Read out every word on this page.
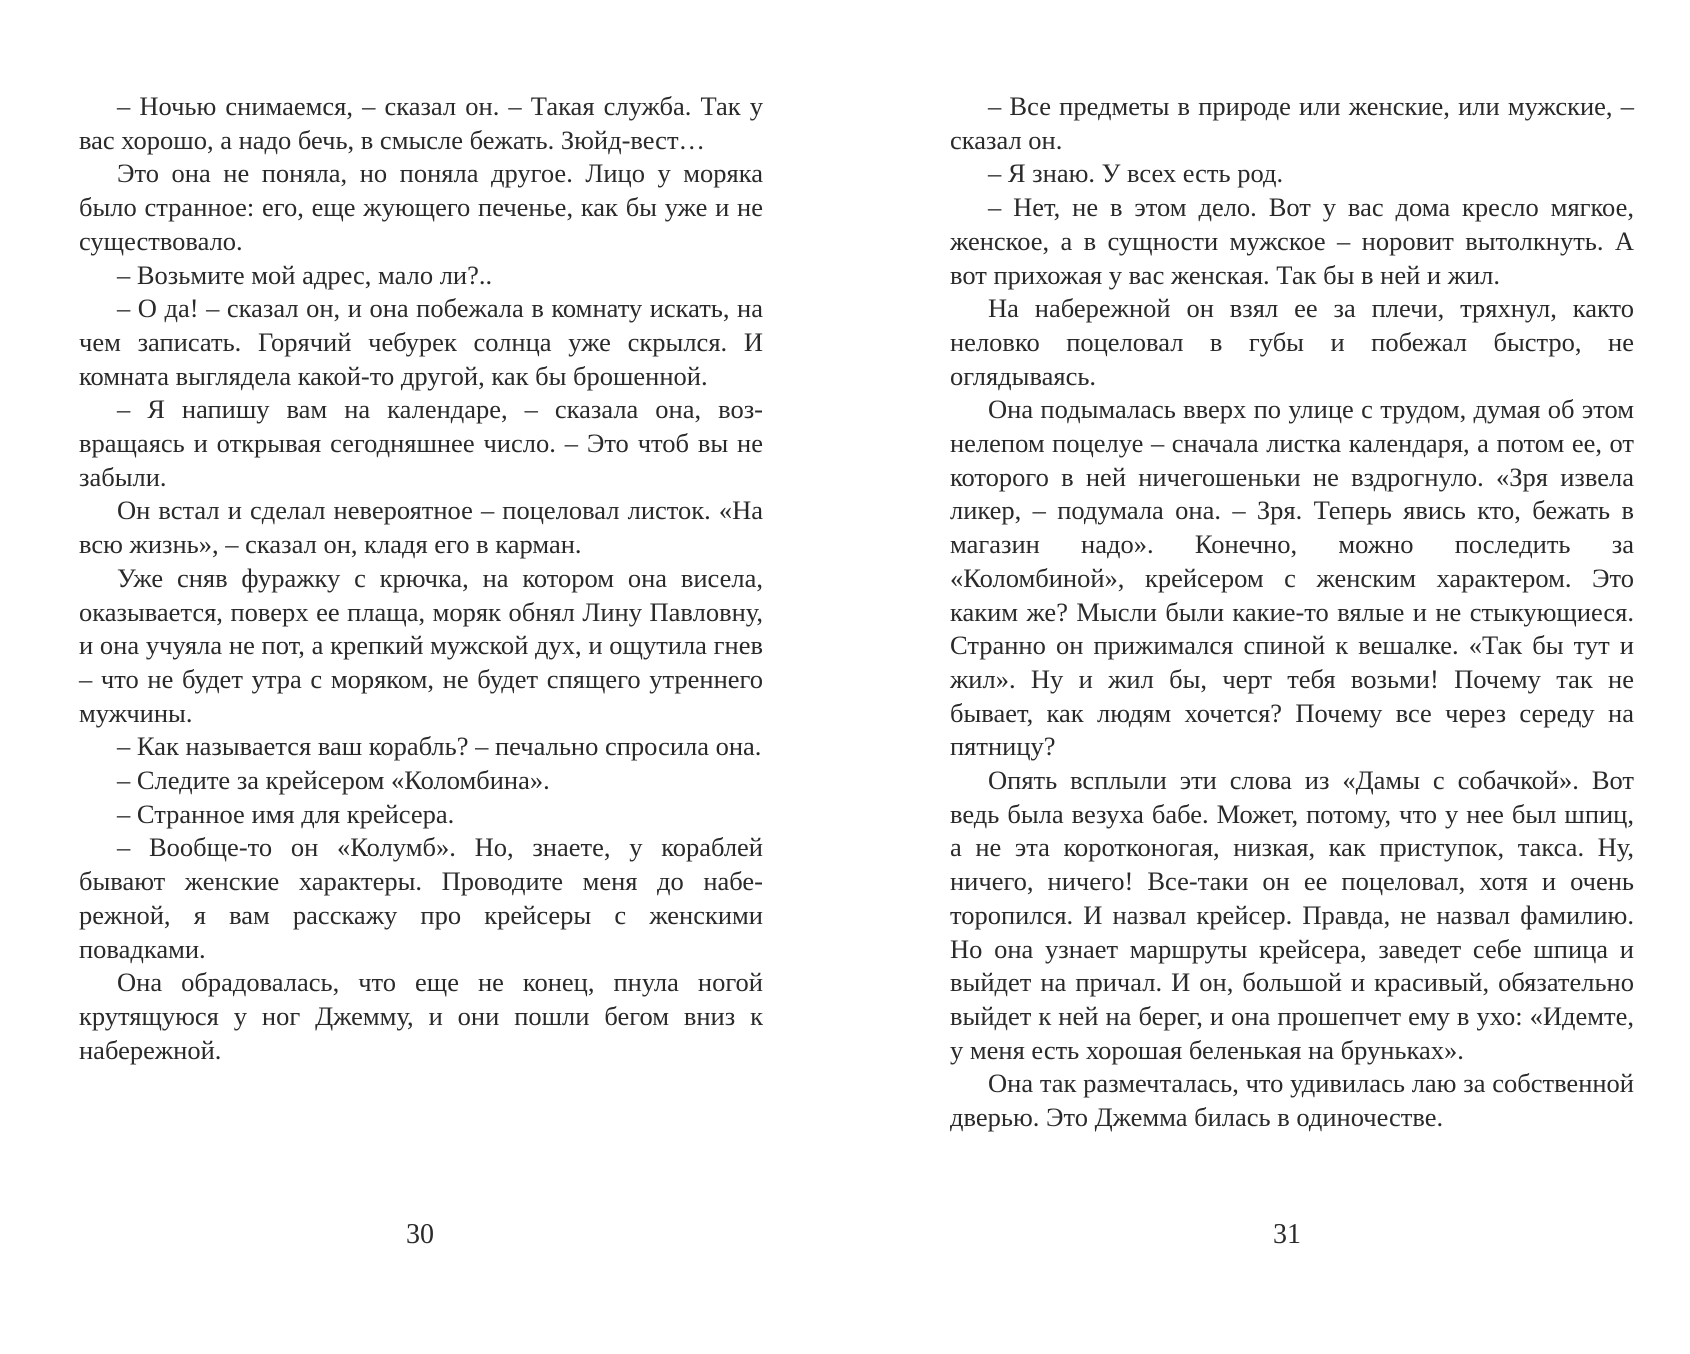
– Ночью снимаемся, – сказал он. – Такая служба. Так у вас хорошо, а надо бечь, в смысле бежать. Зюйд-вест…

Это она не поняла, но поняла другое. Лицо у моряка было странное: его, еще жующего печенье, как бы уже и не существовало.

– Возьмите мой адрес, мало ли?..

– О да! – сказал он, и она побежала в комнату искать, на чем записать. Горячий чебурек солнца уже скрылся. И комната выглядела какой-то другой, как бы брошенной.

– Я напишу вам на календаре, – сказала она, возвращаясь и открывая сегодняшнее число. – Это чтоб вы не забыли.

Он встал и сделал невероятное – поцеловал листок. «На всю жизнь», – сказал он, кладя его в карман.

Уже сняв фуражку с крючка, на котором она висела, оказывается, поверх ее плаща, моряк обнял Лину Павловну, и она учуяла не пот, а крепкий мужской дух, и ощутила гнев – что не будет утра с моряком, не будет спящего утреннего мужчины.

– Как называется ваш корабль? – печально спросила она.

– Следите за крейсером «Коломбина».

– Странное имя для крейсера.

– Вообще-то он «Колумб». Но, знаете, у кораблей бывают женские характеры. Проводите меня до набережной, я вам расскажу про крейсеры с женскими повадками.

Она обрадовалась, что еще не конец, пнула ногой крутящуюся у ног Джемму, и они пошли бегом вниз к набережной.

30

– Все предметы в природе или женские, или мужские, – сказал он.

– Я знаю. У всех есть род.

– Нет, не в этом дело. Вот у вас дома кресло мягкое, женское, а в сущности мужское – норовит вытолкнуть. А вот прихожая у вас женская. Так бы в ней и жил.

На набережной он взял ее за плечи, тряхнул, както неловко поцеловал в губы и побежал быстро, не оглядываясь.

Она подымалась вверх по улице с трудом, думая об этом нелепом поцелуе – сначала листка календаря, а потом ее, от которого в ней ничегошеньки не вздрогнуло. «Зря извела ликер, – подумала она. – Зря. Теперь явись кто, бежать в магазин надо». Конечно, можно последить за «Коломбиной», крейсером с женским характером. Это каким же? Мысли были какие-то вялые и не стыкующиеся. Странно он прижимался спиной к вешалке. «Так бы тут и жил». Ну и жил бы, черт тебя возьми! Почему так не бывает, как людям хочется? Почему все через середу на пятницу?

Опять всплыли эти слова из «Дамы с собачкой». Вот ведь была везуха бабе. Может, потому, что у нее был шпиц, а не эта коротконогая, низкая, как приступок, такса. Ну, ничего, ничего! Все-таки он ее поцеловал, хотя и очень торопился. И назвал крейсер. Правда, не назвал фамилию. Но она узнает маршруты крейсера, заведет себе шпица и выйдет на причал. И он, большой и красивый, обязательно выйдет к ней на берег, и она прошепчет ему в ухо: «Идемте, у меня есть хорошая беленькая на бруньках».

Она так размечталась, что удивилась лаю за собственной дверью. Это Джемма билась в одиночестве.

31
